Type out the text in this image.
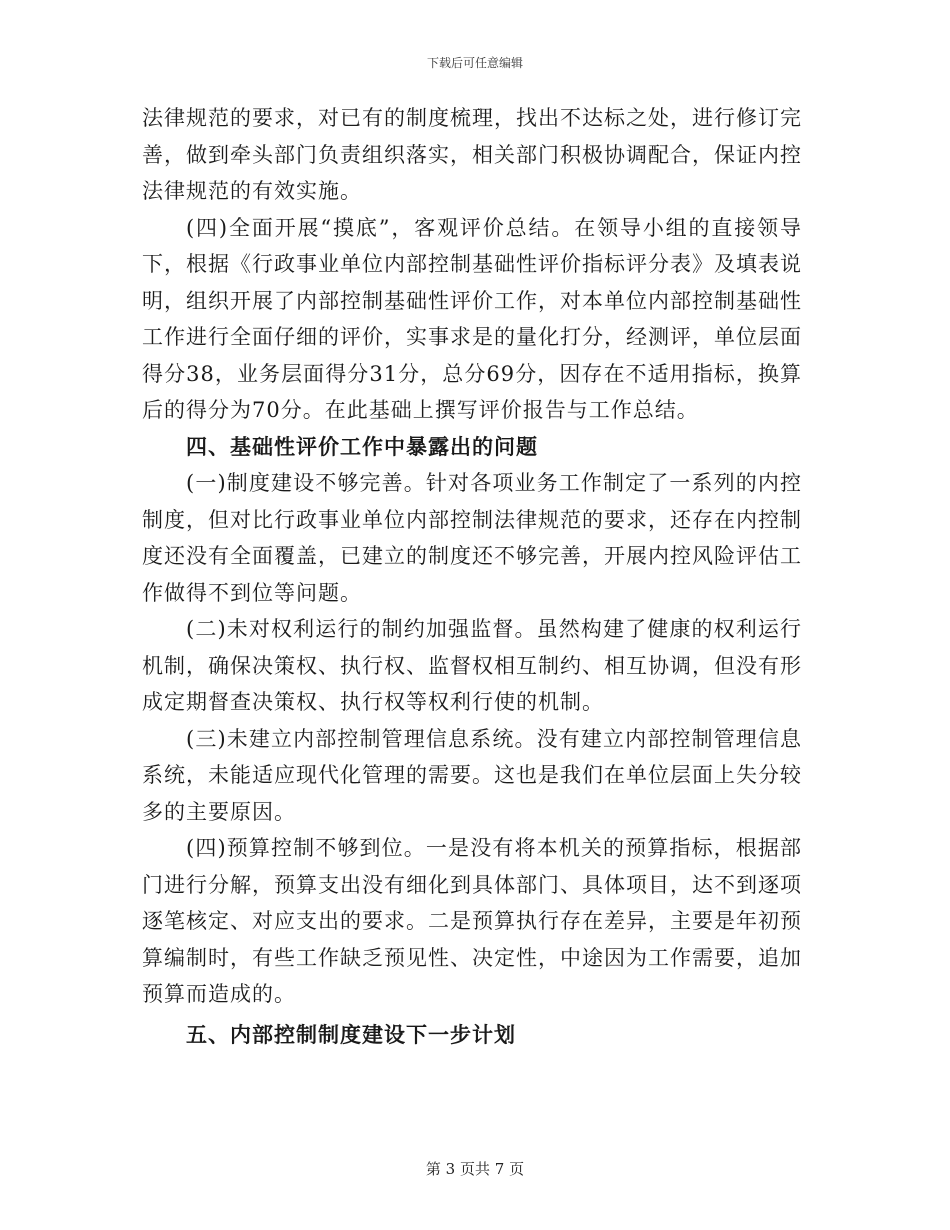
下载后可任意编辑

法律规范的要求，对已有的制度梳理，找出不达标之处，进行修订完善，做到牵头部门负责组织落实，相关部门积极协调配合，保证内控法律规范的有效实施。

(四)全面开展“摸底”，客观评价总结。在领导小组的直接领导下，根据《行政事业单位内部控制基础性评价指标评分表》及填表说明，组织开展了内部控制基础性评价工作，对本单位内部控制基础性工作进行全面仔细的评价，实事求是的量化打分，经测评，单位层面得分38，业务层面得分31分，总分69分，因存在不适用指标，换算后的得分为70分。在此基础上撰写评价报告与工作总结。

四、基础性评价工作中暴露出的问题

(一)制度建设不够完善。针对各项业务工作制定了一系列的内控制度，但对比行政事业单位内部控制法律规范的要求，还存在内控制度还没有全面覆盖，已建立的制度还不够完善，开展内控风险评估工作做得不到位等问题。

(二)未对权利运行的制约加强监督。虽然构建了健康的权利运行机制，确保决策权、执行权、监督权相互制约、相互协调，但没有形成定期督查决策权、执行权等权利行使的机制。

(三)未建立内部控制管理信息系统。没有建立内部控制管理信息系统，未能适应现代化管理的需要。这也是我们在单位层面上失分较多的主要原因。

(四)预算控制不够到位。一是没有将本机关的预算指标，根据部门进行分解，预算支出没有细化到具体部门、具体项目，达不到逐项逐笔核定、对应支出的要求。二是预算执行存在差异，主要是年初预算编制时，有些工作缺乏预见性、决定性，中途因为工作需要，追加预算而造成的。

五、内部控制制度建设下一步计划

第 3 页共 7 页
